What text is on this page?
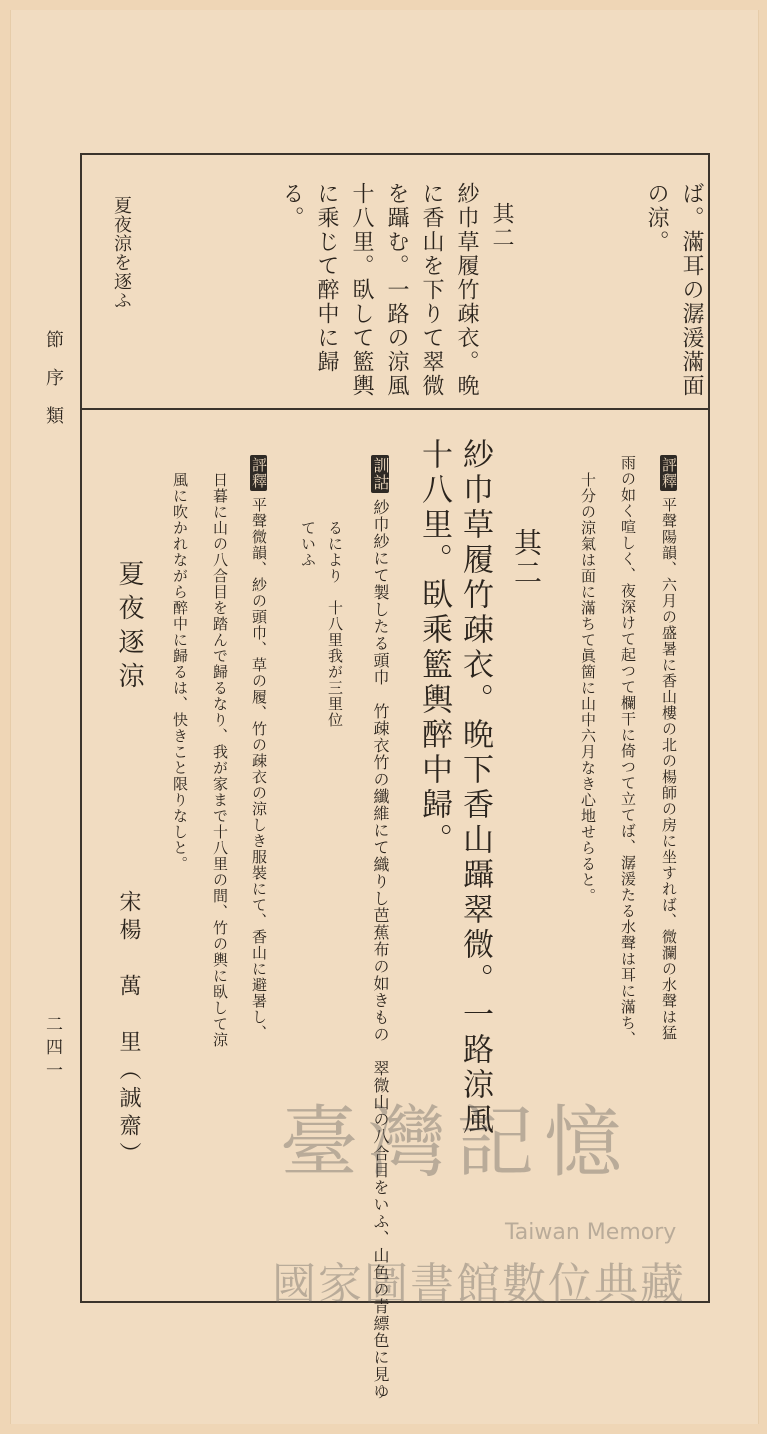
ば。滿耳の潺湲滿面
の涼。
其二
紗巾草履竹疎衣。晩
に香山を下りて翠微
を躡む。一路の涼風
十八里。臥して籃輿
に乘じて醉中に歸
る。
夏夜涼を逐ふ
節序類
二四一
評釋平聲陽韻、六月の盛暑に香山樓の北の楊師の房に坐すれば、微瀾の水聲は猛
雨の如く喧しく、夜深けて起つて欄干に倚つて立てば、潺湲たる水聲は耳に滿ち、
十分の涼氣は面に滿ちて眞箇に山中六月なき心地せらると。
其二
紗巾草履竹疎衣。晩下香山躡翠微。一路涼風
十八里。臥乘籃輿醉中歸。
訓詁紗巾紗にて製したる頭巾　竹疎衣竹の纖維にて織りし芭蕉布の如きもの　翠微山の八合目をいふ、山色の青縹色に見ゆ
るにより　十八里我が三里位
ていふ
評釋平聲微韻、紗の頭巾、草の履、竹の疎衣の涼しき服裝にて、香山に避暑し、
日暮に山の八合目を踏んで歸るなり、我が家まで十八里の間、竹の輿に臥して涼
風に吹かれながら醉中に歸るは、快きこと限りなしと。
夏夜逐涼
宋楊　萬　里（誠齋） 臺灣記憶
Taiwan Memory
國家圖書館數位典藏
